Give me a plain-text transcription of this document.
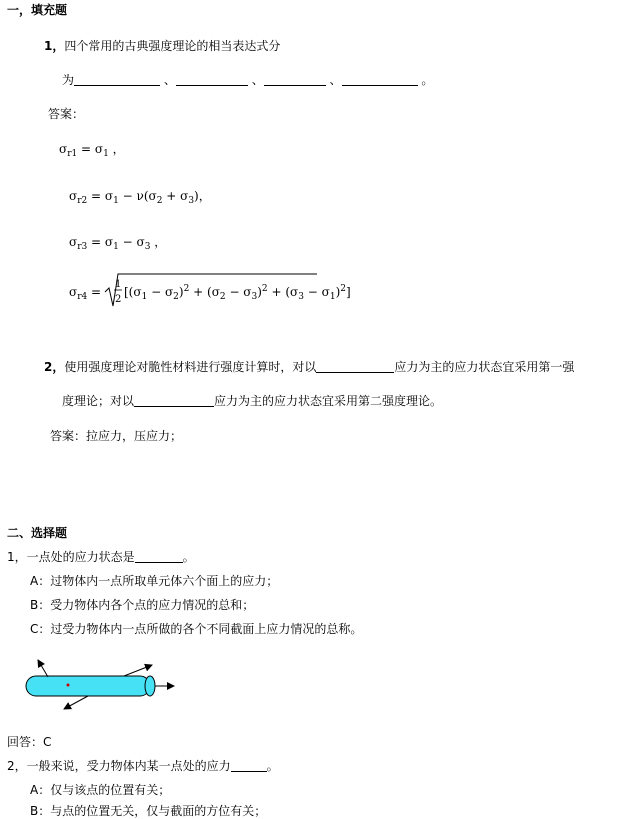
一，填充题
1，四个常用的古典强度理论的相当表达式分
为	、	、	、	。
答案：
$\sigma_{r1} = \sigma_1$ ，
$\sigma_{r2} = \sigma_1 - \nu(\sigma_2 + \sigma_3)$，
$\sigma_{r3} = \sigma_1 - \sigma_3$ ，
$\sigma_{r4}$ =
1
2
$[(\sigma_1 - \sigma_2)^2 + (\sigma_2 - \sigma_3)^2 + (\sigma_3 - \sigma_1)^2]$
2，使用强度理论对脆性材料进行强度计算时，对以	应力为主的应力状态宜采用第一强
度理论；对以	应力为主的应力状态宜采用第二强度理论。
答案：拉应力，压应力；
二、选择题
1，一点处的应力状态是	。
A：过物体内一点所取单元体六个面上的应力；
B：受力物体内各个点的应力情况的总和；
C：过受力物体内一点所做的各个不同截面上应力情况的总称。
回答：C
2，一般来说，受力物体内某一点处的应力	。
A：仅与该点的位置有关；
B：与点的位置无关，仅与截面的方位有关；
